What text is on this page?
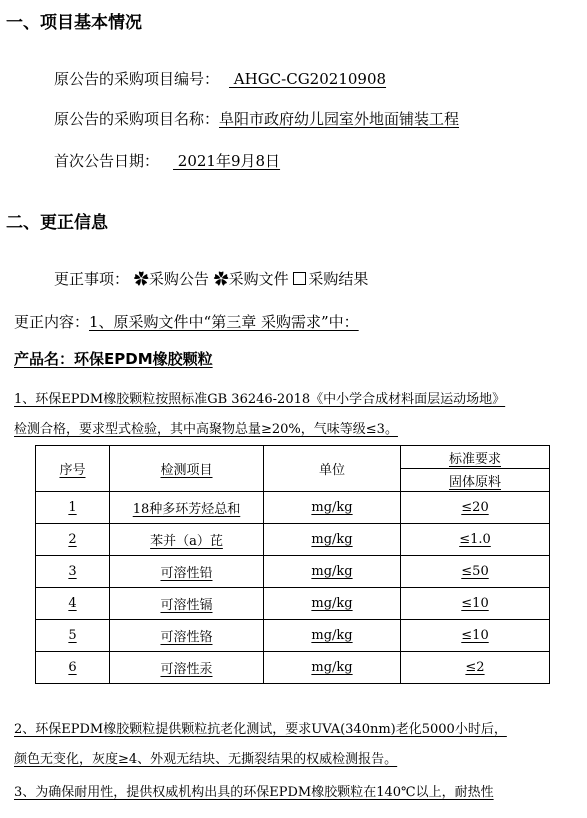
一、项目基本情况
原公告的采购项目编号： AHGC-CG20210908
原公告的采购项目名称：阜阳市政府幼儿园室外地面铺装工程
首次公告日期： 2021年9月8日
二、更正信息
更正事项： ✿采购公告 ✿采购文件 采购结果
更正内容：1、原采购文件中“第三章 采购需求”中：
产品名：环保EPDM橡胶颗粒
1、环保EPDM橡胶颗粒按照标准GB 36246-2018《中小学合成材料面层运动场地》
检测合格，要求型式检验，其中高聚物总量≥20%，气味等级≤3。
序号	检测项目	单位	标准要求
			固体原料
1	18种多环芳烃总和	mg/kg	≤20
2	苯并（a）芘	mg/kg	≤1.0
3	可溶性铅	mg/kg	≤50
4	可溶性镉	mg/kg	≤10
5	可溶性铬	mg/kg	≤10
6	可溶性汞	mg/kg	≤2
2、环保EPDM橡胶颗粒提供颗粒抗老化测试，要求UVA(340nm)老化5000小时后，
颜色无变化，灰度≥4、外观无结块、无撕裂结果的权威检测报告。
3、为确保耐用性，提供权威机构出具的环保EPDM橡胶颗粒在140℃以上，耐热性
